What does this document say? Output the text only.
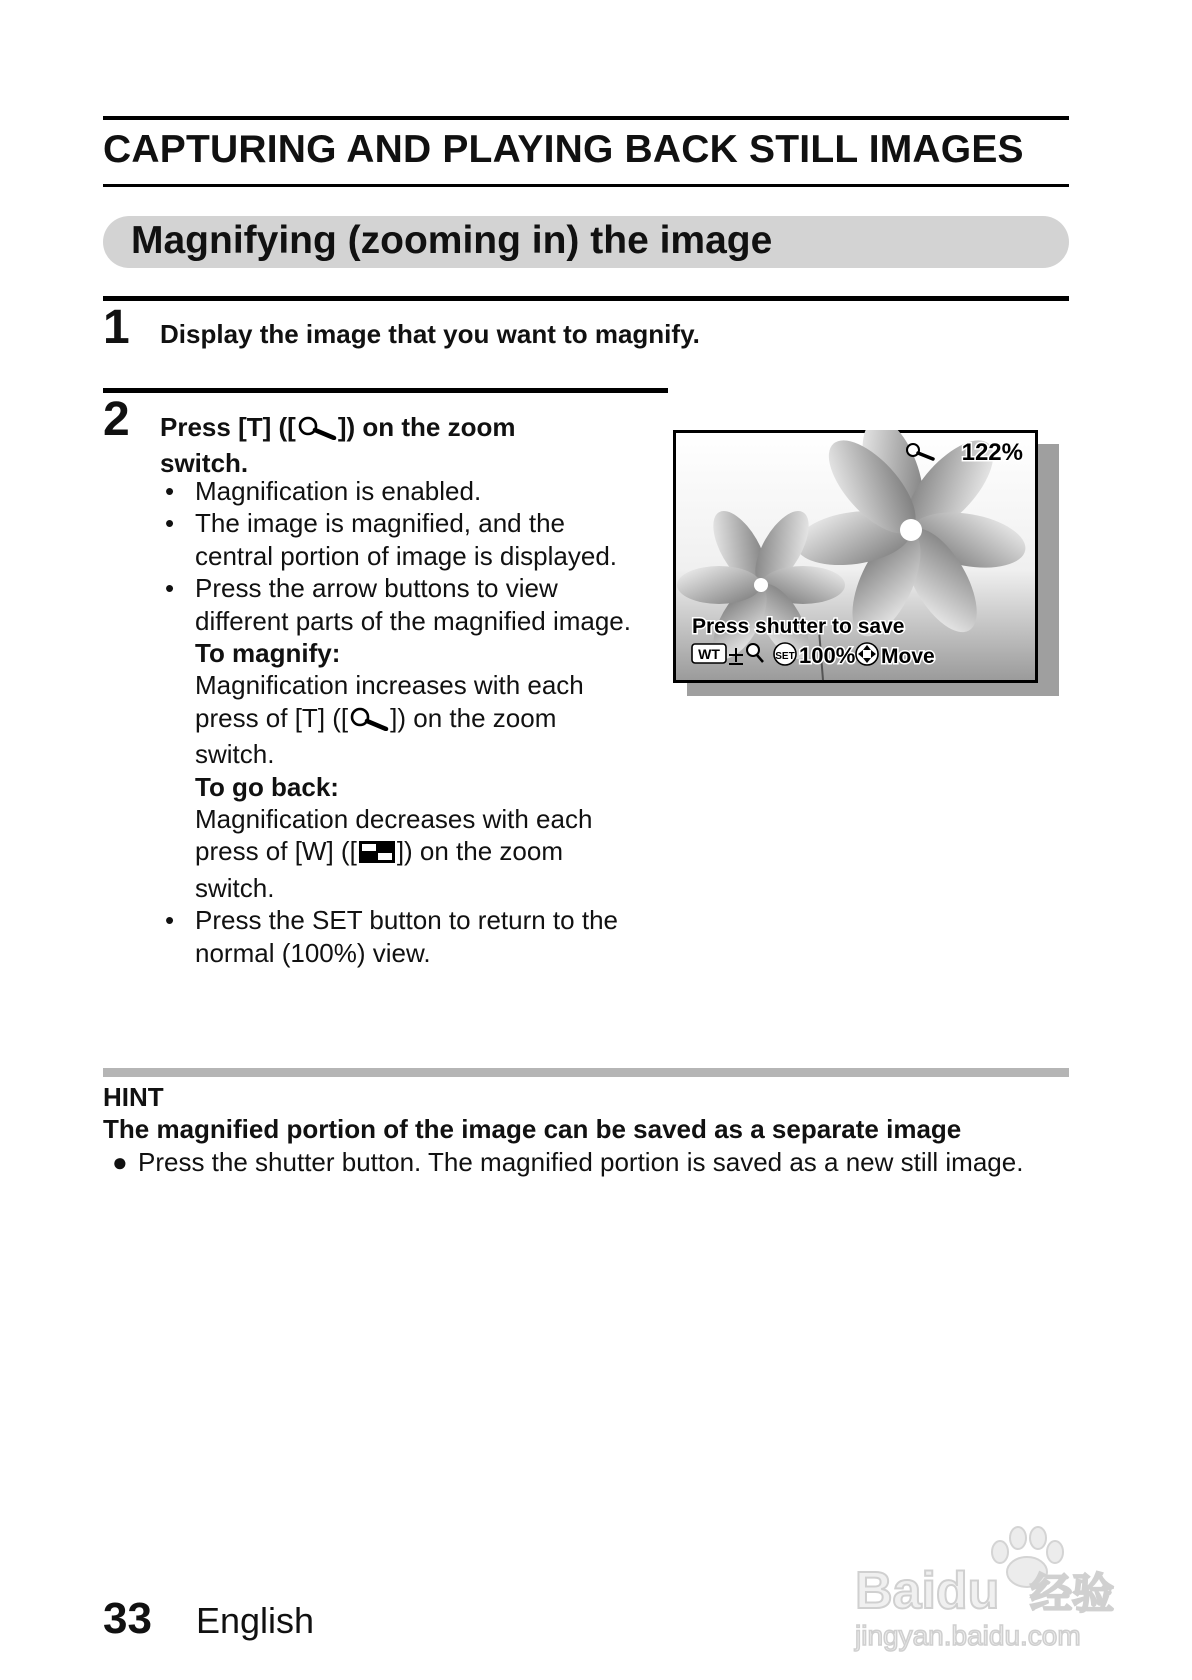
CAPTURING AND PLAYING BACK STILL IMAGES
Magnifying (zooming in) the image
1 Display the image that you want to magnify.
2 Press [T] ([ ]) on the zoom
switch.
• Magnification is enabled.
• The image is magnified, and the central portion of image is displayed.
• Press the arrow buttons to view different parts of the magnified image.
To magnify:
Magnification increases with each press of [T] ([ ]) on the zoom switch.
To go back:
Magnification decreases with each press of [W] ([ ]) on the zoom switch.
• Press the SET button to return to the normal (100%) view.
122%
Press shutter to save
WT	SET 100% Move
HINT
The magnified portion of the image can be saved as a separate image
● Press the shutter button. The magnified portion is saved as a new still image.
33 English
Baidu 经验
jingyan.baidu.com
